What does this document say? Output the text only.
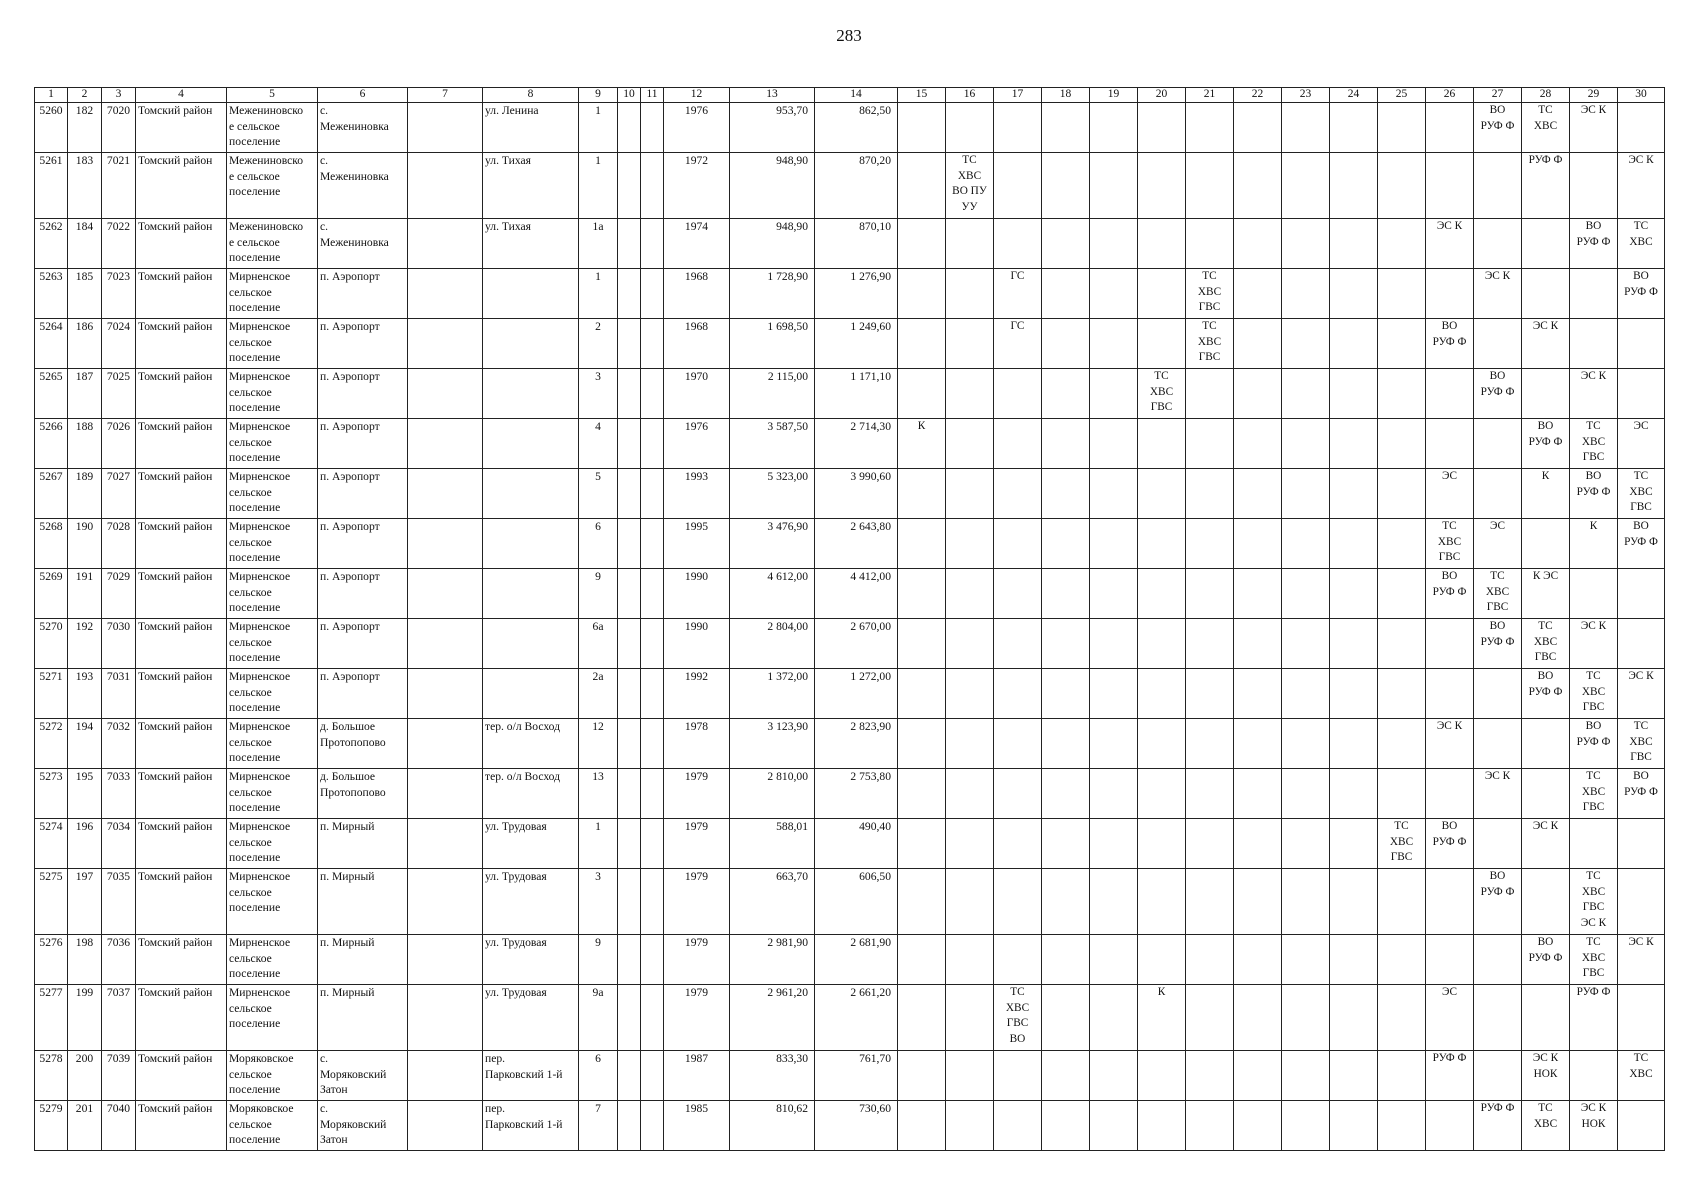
283
1	2	3	4	5	6	7	8	9	10	11	12	13	14	15	16	17	18	19	20	21	22	23	24	25	26	27	28	29	30
5260	182	7020	Томский район	Межениновско
е сельское
поселение	с.
Межениновка		ул. Ленина	1			1976	953,70	862,50													ВО
РУФ Ф	ТС
ХВС	ЭС К	
5261	183	7021	Томский район	Межениновско
е сельское
поселение	с.
Межениновка		ул. Тихая	1			1972	948,90	870,20		ТС
ХВС
ВО ПУ
УУ												РУФ Ф		ЭС К
5262	184	7022	Томский район	Межениновско
е сельское
поселение	с.
Межениновка		ул. Тихая	1а			1974	948,90	870,10												ЭС К			ВО
РУФ Ф	ТС
ХВС
5263	185	7023	Томский район	Мирненское
сельское
поселение	п. Аэропорт			1			1968	1 728,90	1 276,90			ГС				ТС
ХВС
ГВС						ЭС К			ВО
РУФ Ф
5264	186	7024	Томский район	Мирненское
сельское
поселение	п. Аэропорт			2			1968	1 698,50	1 249,60			ГС				ТС
ХВС
ГВС					ВО
РУФ Ф		ЭС К		
5265	187	7025	Томский район	Мирненское
сельское
поселение	п. Аэропорт			3			1970	2 115,00	1 171,10						ТС
ХВС
ГВС							ВО
РУФ Ф		ЭС К	
5266	188	7026	Томский район	Мирненское
сельское
поселение	п. Аэропорт			4			1976	3 587,50	2 714,30	К													ВО
РУФ Ф	ТС
ХВС
ГВС	ЭС
5267	189	7027	Томский район	Мирненское
сельское
поселение	п. Аэропорт			5			1993	5 323,00	3 990,60												ЭС		К	ВО
РУФ Ф	ТС
ХВС
ГВС
5268	190	7028	Томский район	Мирненское
сельское
поселение	п. Аэропорт			6			1995	3 476,90	2 643,80												ТС
ХВС
ГВС	ЭС		К	ВО
РУФ Ф
5269	191	7029	Томский район	Мирненское
сельское
поселение	п. Аэропорт			9			1990	4 612,00	4 412,00												ВО
РУФ Ф	ТС
ХВС
ГВС	К ЭС		
5270	192	7030	Томский район	Мирненское
сельское
поселение	п. Аэропорт			6а			1990	2 804,00	2 670,00													ВО
РУФ Ф	ТС
ХВС
ГВС	ЭС К	
5271	193	7031	Томский район	Мирненское
сельское
поселение	п. Аэропорт			2а			1992	1 372,00	1 272,00														ВО
РУФ Ф	ТС
ХВС
ГВС	ЭС К
5272	194	7032	Томский район	Мирненское
сельское
поселение	д. Большое
Протопопово		тер. о/л Восход	12			1978	3 123,90	2 823,90												ЭС К			ВО
РУФ Ф	ТС
ХВС
ГВС
5273	195	7033	Томский район	Мирненское
сельское
поселение	д. Большое
Протопопово		тер. о/л Восход	13			1979	2 810,00	2 753,80													ЭС К		ТС
ХВС
ГВС	ВО
РУФ Ф
5274	196	7034	Томский район	Мирненское
сельское
поселение	п. Мирный		ул. Трудовая	1			1979	588,01	490,40											ТС
ХВС
ГВС	ВО
РУФ Ф		ЭС К		
5275	197	7035	Томский район	Мирненское
сельское
поселение	п. Мирный		ул. Трудовая	3			1979	663,70	606,50													ВО
РУФ Ф		ТС
ХВС
ГВС
ЭС К	
5276	198	7036	Томский район	Мирненское
сельское
поселение	п. Мирный		ул. Трудовая	9			1979	2 981,90	2 681,90														ВО
РУФ Ф	ТС
ХВС
ГВС	ЭС К
5277	199	7037	Томский район	Мирненское
сельское
поселение	п. Мирный		ул. Трудовая	9а			1979	2 961,20	2 661,20			ТС
ХВС
ГВС
ВО			К						ЭС			РУФ Ф	
5278	200	7039	Томский район	Моряковское
сельское
поселение	с.
Моряковский
Затон		пер.
Парковский 1-й	6			1987	833,30	761,70												РУФ Ф		ЭС К
НОК		ТС
ХВС
5279	201	7040	Томский район	Моряковское
сельское
поселение	с.
Моряковский
Затон		пер.
Парковский 1-й	7			1985	810,62	730,60													РУФ Ф	ТС
ХВС	ЭС К
НОК	
